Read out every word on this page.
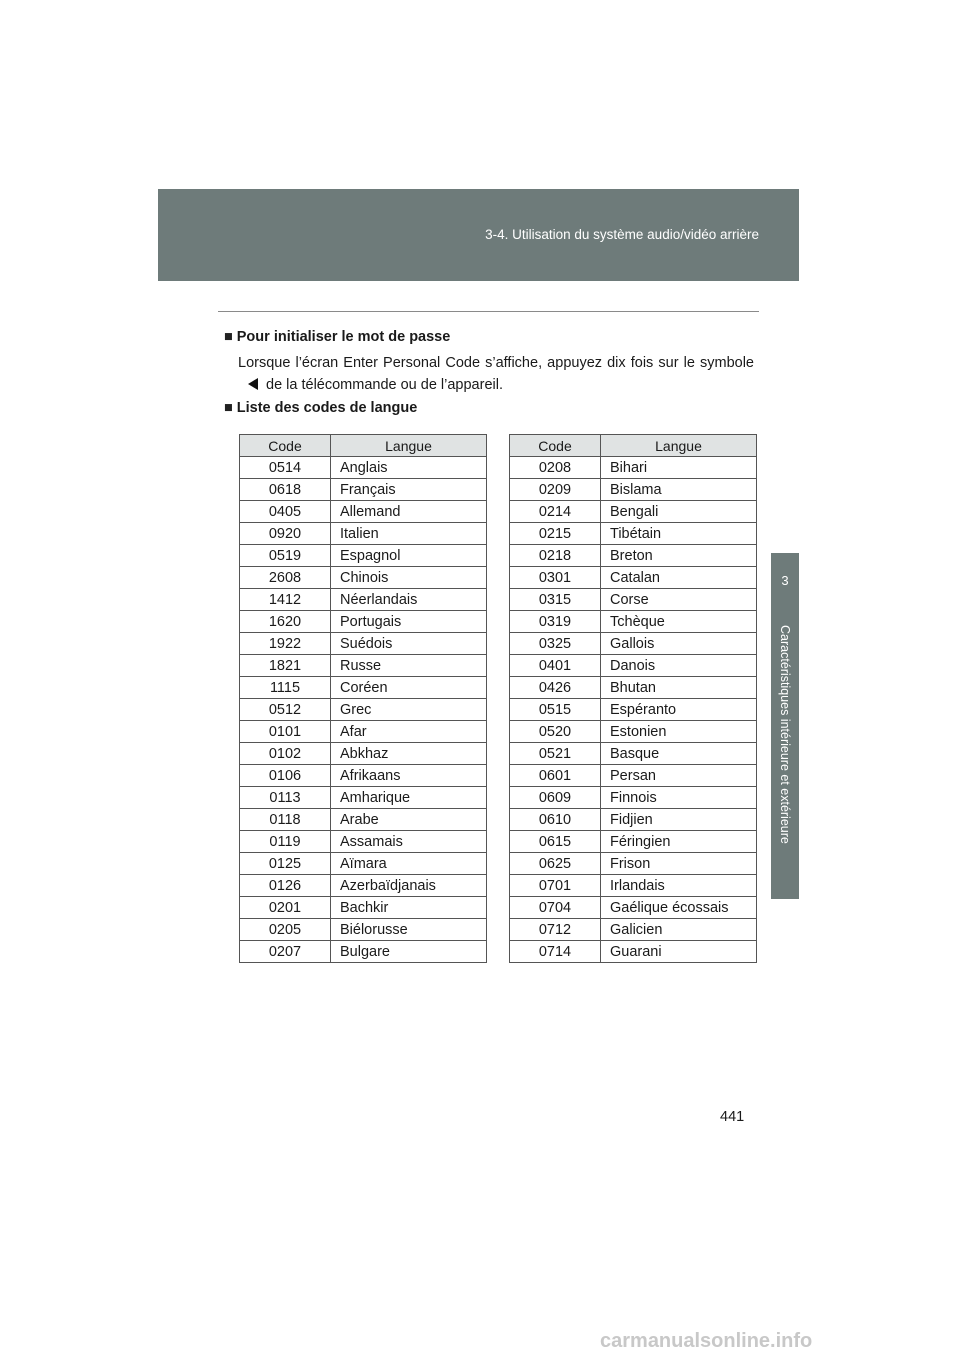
3-4. Utilisation du système audio/vidéo arrière
3
Caractéristiques intérieure et extérieure
■ Pour initialiser le mot de passe
Lorsque l’écran Enter Personal Code s’affiche, appuyez dix fois sur le symbolede la télécommande ou de l’appareil.
■ Liste des codes de langue
Code	Langue
0514	Anglais
0618	Français
0405	Allemand
0920	Italien
0519	Espagnol
2608	Chinois
1412	Néerlandais
1620	Portugais
1922	Suédois
1821	Russe
1115	Coréen
0512	Grec
0101	Afar
0102	Abkhaz
0106	Afrikaans
0113	Amharique
0118	Arabe
0119	Assamais
0125	Aïmara
0126	Azerbaïdjanais
0201	Bachkir
0205	Biélorusse
0207	Bulgare
Code	Langue
0208	Bihari
0209	Bislama
0214	Bengali
0215	Tibétain
0218	Breton
0301	Catalan
0315	Corse
0319	Tchèque
0325	Gallois
0401	Danois
0426	Bhutan
0515	Espéranto
0520	Estonien
0521	Basque
0601	Persan
0609	Finnois
0610	Fidjien
0615	Féringien
0625	Frison
0701	Irlandais
0704	Gaélique écossais
0712	Galicien
0714	Guarani
441
carmanualsonline.info
